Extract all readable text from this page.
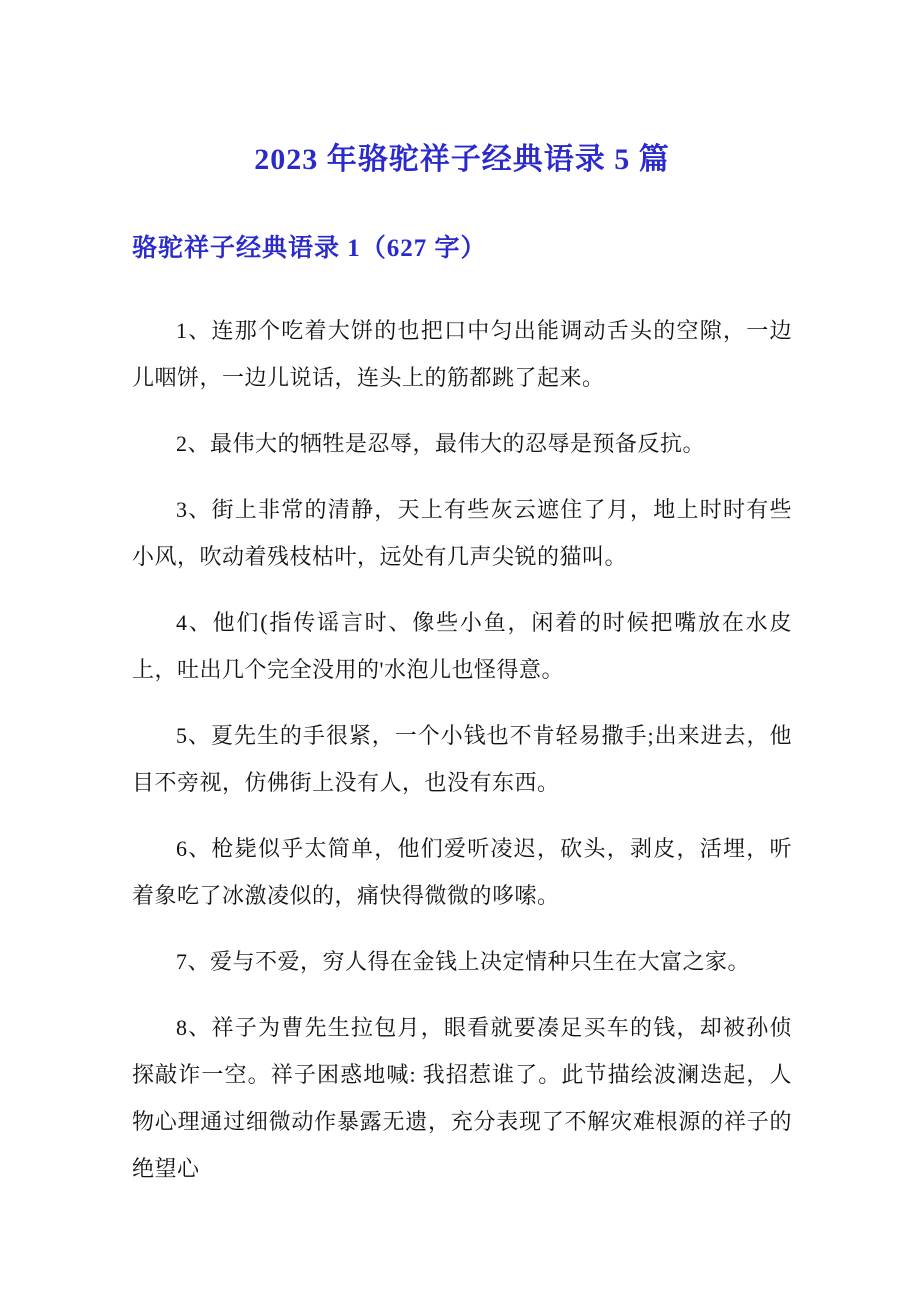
2023 年骆驼祥子经典语录 5 篇
骆驼祥子经典语录 1（627 字）

1、连那个吃着大饼的也把口中匀出能调动舌头的空隙，一边儿咽饼，一边儿说话，连头上的筋都跳了起来。

2、最伟大的牺牲是忍辱，最伟大的忍辱是预备反抗。

3、街上非常的清静，天上有些灰云遮住了月，地上时时有些小风，吹动着残枝枯叶，远处有几声尖锐的猫叫。

4、他们(指传谣言时、像些小鱼，闲着的时候把嘴放在水皮上，吐出几个完全没用的'水泡儿也怪得意。

5、夏先生的手很紧，一个小钱也不肯轻易撒手;出来进去，他目不旁视，仿佛街上没有人，也没有东西。

6、枪毙似乎太简单，他们爱听凌迟，砍头，剥皮，活埋，听着象吃了冰激凌似的，痛快得微微的哆嗦。

7、爱与不爱，穷人得在金钱上决定情种只生在大富之家。

8、祥子为曹先生拉包月，眼看就要凑足买车的钱，却被孙侦探敲诈一空。祥子困惑地喊: 我招惹谁了。此节描绘波澜迭起，人物心理通过细微动作暴露无遗，充分表现了不解灾难根源的祥子的绝望心
